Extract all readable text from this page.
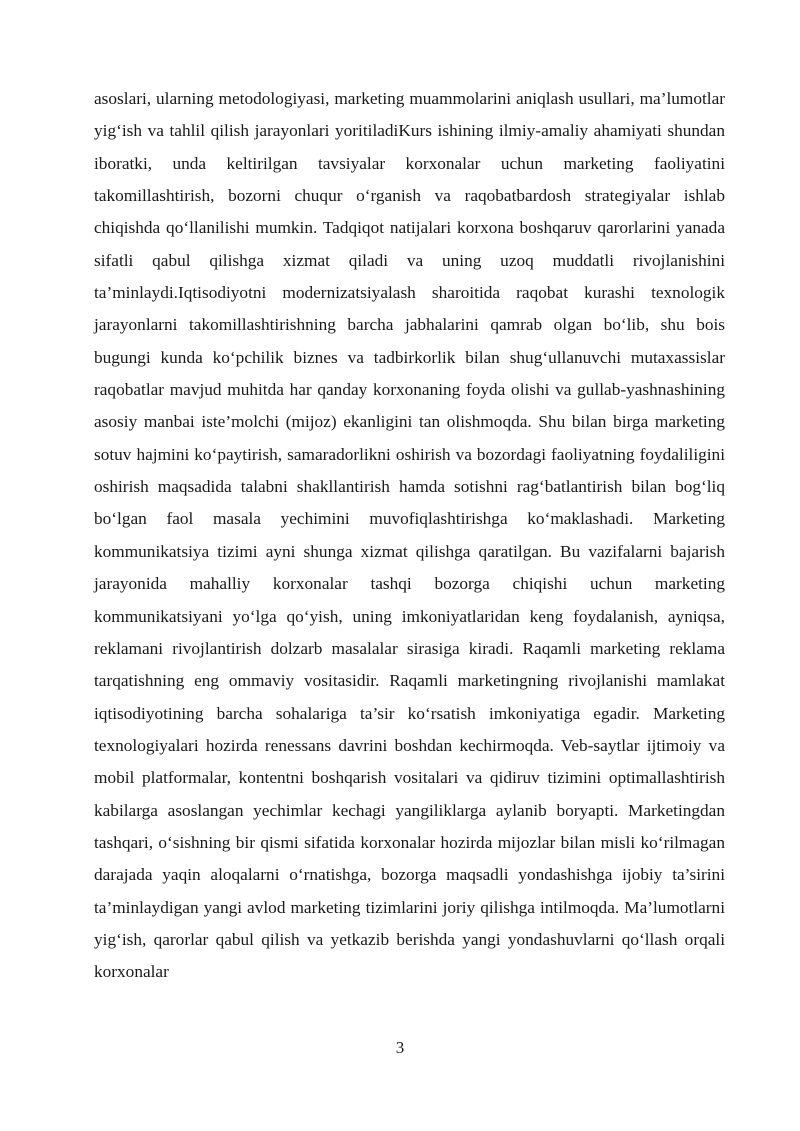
asoslari, ularning metodologiyasi, marketing muammolarini aniqlash usullari, ma’lumotlar yig‘ish va tahlil qilish jarayonlari yoritiladiKurs ishining ilmiy-amaliy ahamiyati shundan iboratki, unda keltirilgan tavsiyalar korxonalar uchun marketing faoliyatini takomillashtirish, bozorni chuqur o‘rganish va raqobatbardosh strategiyalar ishlab chiqishda qo‘llanilishi mumkin. Tadqiqot natijalari korxona boshqaruv qarorlarini yanada sifatli qabul qilishga xizmat qiladi va uning uzoq muddatli rivojlanishini ta’minlaydi.Iqtisodiyotni modernizatsiyalash sharoitida raqobat kurashi texnologik jarayonlarni takomillashtirishning barcha jabhalarini qamrab olgan bo‘lib, shu bois bugungi kunda ko‘pchilik biznes va tadbirkorlik bilan shug‘ullanuvchi mutaxassislar raqobatlar mavjud muhitda har qanday korxonaning foyda olishi va gullab-yashnashining asosiy manbai iste’molchi (mijoz) ekanligini tan olishmoqda. Shu bilan birga marketing sotuv hajmini ko‘paytirish, samaradorlikni oshirish va bozordagi faoliyatning foydaliligini oshirish maqsadida talabni shakllantirish hamda sotishni rag‘batlantirish bilan bog‘liq bo‘lgan faol masala yechimini muvofiqlashtirishga ko‘maklashadi. Marketing kommunikatsiya tizimi ayni shunga xizmat qilishga qaratilgan. Bu vazifalarni bajarish jarayonida mahalliy korxonalar tashqi bozorga chiqishi uchun marketing kommunikatsiyani yo‘lga qo‘yish, uning imkoniyatlaridan keng foydalanish, ayniqsa, reklamani rivojlantirish dolzarb masalalar sirasiga kiradi. Raqamli marketing reklama tarqatishning eng ommaviy vositasidir. Raqamli marketingning rivojlanishi mamlakat iqtisodiyotining barcha sohalariga ta’sir ko‘rsatish imkoniyatiga egadir. Marketing texnologiyalari hozirda renessans davrini boshdan kechirmoqda. Veb-saytlar ijtimoiy va mobil platformalar, kontentni boshqarish vositalari va qidiruv tizimini optimallashtirish kabilarga asoslangan yechimlar kechagi yangiliklarga aylanib boryapti. Marketingdan tashqari, o‘sishning bir qismi sifatida korxonalar hozirda mijozlar bilan misli ko‘rilmagan darajada yaqin aloqalarni o‘rnatishga, bozorga maqsadli yondashishga ijobiy ta’sirini ta’minlaydigan yangi avlod marketing tizimlarini joriy qilishga intilmoqda. Ma’lumotlarni yig‘ish, qarorlar qabul qilish va yetkazib berishda yangi yondashuvlarni qo‘llash orqali korxonalar

3
